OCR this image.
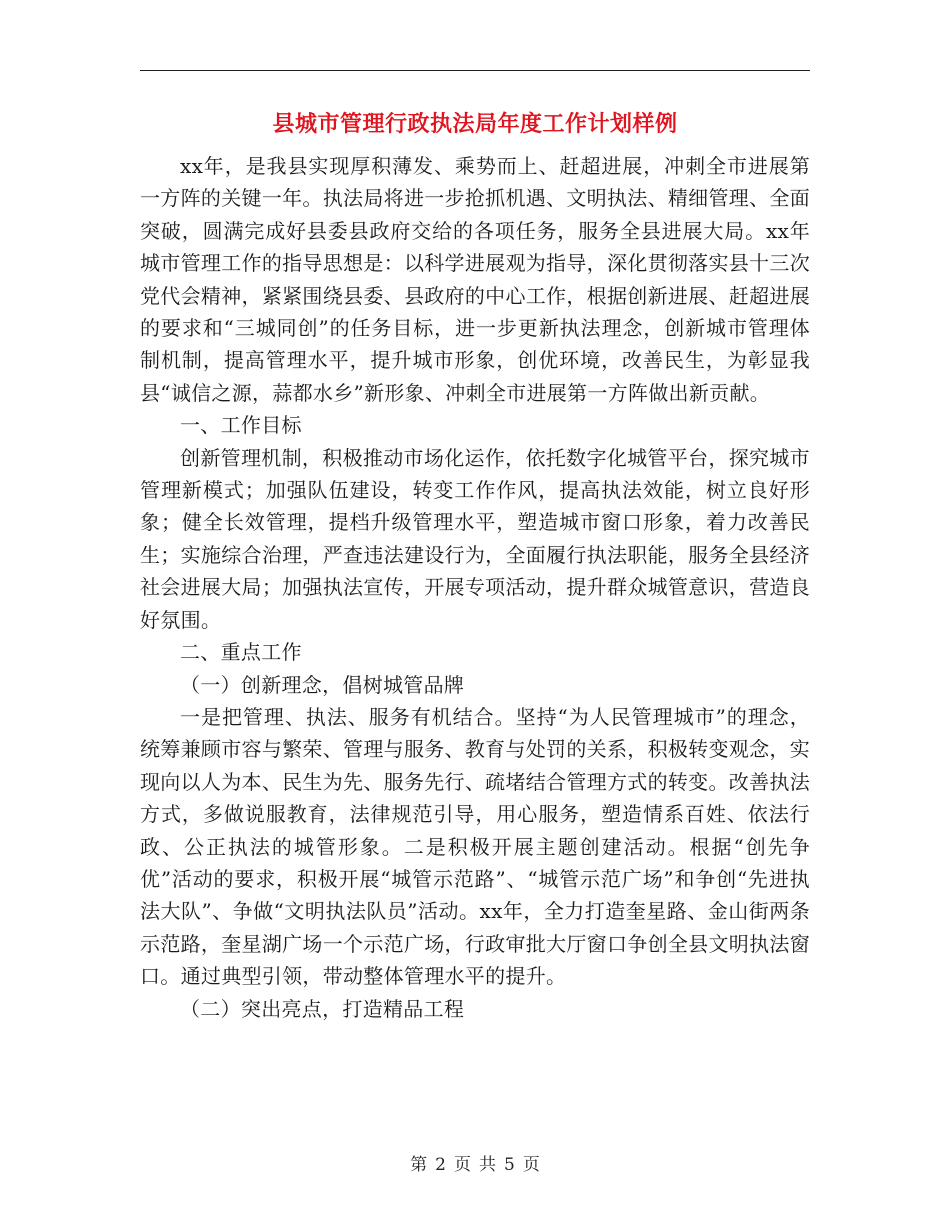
县城市管理行政执法局年度工作计划样例

xx年，是我县实现厚积薄发、乘势而上、赶超进展，冲刺全市进展第一方阵的关键一年。执法局将进一步抢抓机遇、文明执法、精细管理、全面突破，圆满完成好县委县政府交给的各项任务，服务全县进展大局。xx年城市管理工作的指导思想是：以科学进展观为指导，深化贯彻落实县十三次党代会精神，紧紧围绕县委、县政府的中心工作，根据创新进展、赶超进展的要求和“三城同创”的任务目标，进一步更新执法理念，创新城市管理体制机制，提高管理水平，提升城市形象，创优环境，改善民生，为彰显我县“诚信之源，蒜都水乡”新形象、冲刺全市进展第一方阵做出新贡献。

一、工作目标

创新管理机制，积极推动市场化运作，依托数字化城管平台，探究城市管理新模式；加强队伍建设，转变工作作风，提高执法效能，树立良好形象；健全长效管理，提档升级管理水平，塑造城市窗口形象，着力改善民生；实施综合治理，严查违法建设行为，全面履行执法职能，服务全县经济社会进展大局；加强执法宣传，开展专项活动，提升群众城管意识，营造良好氛围。

二、重点工作

（一）创新理念，倡树城管品牌

一是把管理、执法、服务有机结合。坚持“为人民管理城市”的理念，统筹兼顾市容与繁荣、管理与服务、教育与处罚的关系，积极转变观念，实现向以人为本、民生为先、服务先行、疏堵结合管理方式的转变。改善执法方式，多做说服教育，法律规范引导，用心服务，塑造情系百姓、依法行政、公正执法的城管形象。二是积极开展主题创建活动。根据“创先争优”活动的要求，积极开展“城管示范路”、“城管示范广场”和争创“先进执法大队”、争做“文明执法队员”活动。xx年，全力打造奎星路、金山街两条示范路，奎星湖广场一个示范广场，行政审批大厅窗口争创全县文明执法窗口。通过典型引领，带动整体管理水平的提升。

（二）突出亮点，打造精品工程

第 2 页 共 5 页
